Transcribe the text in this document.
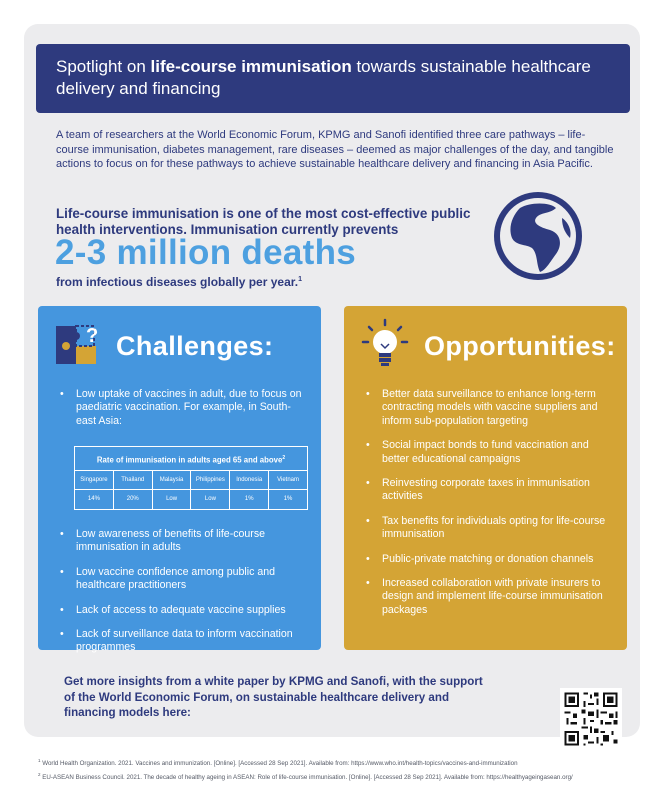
Spotlight on life-course immunisation towards sustainable healthcare delivery and financing

A team of researchers at the World Economic Forum, KPMG and Sanofi identified three care pathways – life-course immunisation, diabetes management, rare diseases – deemed as major challenges of the day, and tangible actions to focus on for these pathways to achieve sustainable healthcare delivery and financing in Asia Pacific.

Life-course immunisation is one of the most cost-effective public health interventions. Immunisation currently prevents

2-3 million deaths

from infectious diseases globally per year.$^1$

? Challenges:
• Low uptake of vaccines in adult, due to focus on paediatric vaccination. For example, in South-east Asia:
Rate of immunisation in adults aged 65 and above$^2$
Singapore	Thailand	Malaysia	Philippines	Indonesia	Vietnam
14%	20%	Low	Low	1%	1%
• Low awareness of benefits of life-course immunisation in adults
• Low vaccine confidence among public and healthcare practitioners
• Lack of access to adequate vaccine supplies
• Lack of surveillance data to inform vaccination programmes
Opportunities:
• Better data surveillance to enhance long-term contracting models with vaccine suppliers and inform sub-population targeting
• Social impact bonds to fund vaccination and better educational campaigns
• Reinvesting corporate taxes in immunisation activities
• Tax benefits for individuals opting for life-course immunisation
• Public-private matching or donation channels
• Increased collaboration with private insurers to design and implement life-course immunisation packages

Get more insights from a white paper by KPMG and Sanofi, with the support of the World Economic Forum, on sustainable healthcare delivery and financing models here:

$^1$ World Health Organization. 2021. Vaccines and immunization. [Online]. [Accessed 28 Sep 2021]. Available from: https://www.who.int/health-topics/vaccines-and-immunization
$^2$ EU-ASEAN Business Council. 2021. The decade of healthy ageing in ASEAN: Role of life-course immunisation. [Online]. [Accessed 28 Sep 2021]. Available from: https://healthyageingasean.org/
